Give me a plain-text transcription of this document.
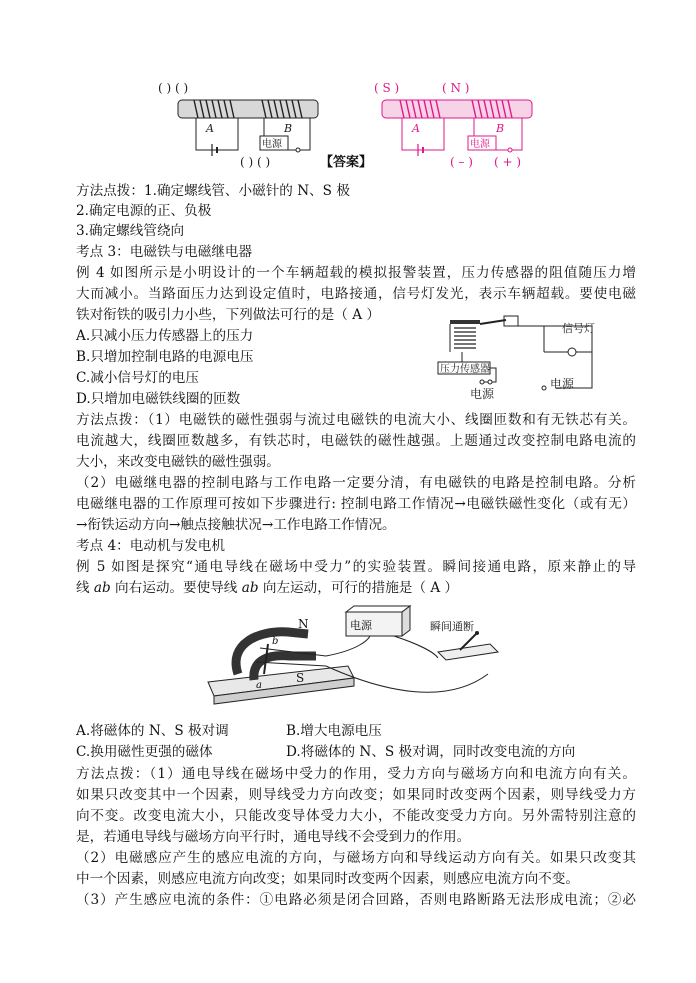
( ) ( )
A
电源
B
( ) ( )	【答案】
( S )	( N )
A
电源
B
( – ) ( + )
方法点拨：1.确定螺线管、小磁针的 N、S 极
2.确定电源的正、负极
3.确定螺线管绕向
考点 3：电磁铁与电磁继电器
例 4 如图所示是小明设计的一个车辆超载的模拟报警装置，压力传感器的阻值随压力增
大而减小。当路面压力达到设定值时，电路接通，信号灯发光，表示车辆超载。要使电磁
铁对衔铁的吸引力小些，下列做法可行的是（ A ）
A.只减小压力传感器上的压力
B.只增加控制电路的电源电压
C.减小信号灯的电压
D.只增加电磁铁线圈的匝数
信号灯
压力传感器
电源
电源
方法点拨：（1）电磁铁的磁性强弱与流过电磁铁的电流大小、线圈匝数和有无铁芯有关。
电流越大，线圈匝数越多，有铁芯时，电磁铁的磁性越强。上题通过改变控制电路电流的
大小，来改变电磁铁的磁性强弱。
（2）电磁继电器的控制电路与工作电路一定要分清，有电磁铁的电路是控制电路。分析
电磁继电器的工作原理可按如下步骤进行: 控制电路工作情况→电磁铁磁性变化（或有无）
→衔铁运动方向→触点接触状况→工作电路工作情况。
考点 4：电动机与发电机
例 5 如图是探究“通电导线在磁场中受力”的实验装置。瞬间接通电路，原来静止的导
线 ab 向右运动。要使导线 ab 向左运动，可行的措施是（ A ）
N
S
a
b
电源	瞬间通断
A.将磁体的 N、S 极对调	B.增大电源电压
C.换用磁性更强的磁体	D.将磁体的 N、S 极对调，同时改变电流的方向
方法点拨：（1）通电导线在磁场中受力的作用，受力方向与磁场方向和电流方向有关。
如果只改变其中一个因素，则导线受力方向改变；如果同时改变两个因素，则导线受力方
向不变。改变电流大小，只能改变导体受力大小，不能改变受力方向。另外需特别注意的
是，若通电导线与磁场方向平行时，通电导线不会受到力的作用。
（2）电磁感应产生的感应电流的方向，与磁场方向和导线运动方向有关。如果只改变其
中一个因素，则感应电流方向改变；如果同时改变两个因素，则感应电流方向不变。
（3）产生感应电流的条件：①电路必须是闭合回路，否则电路断路无法形成电流；②必
